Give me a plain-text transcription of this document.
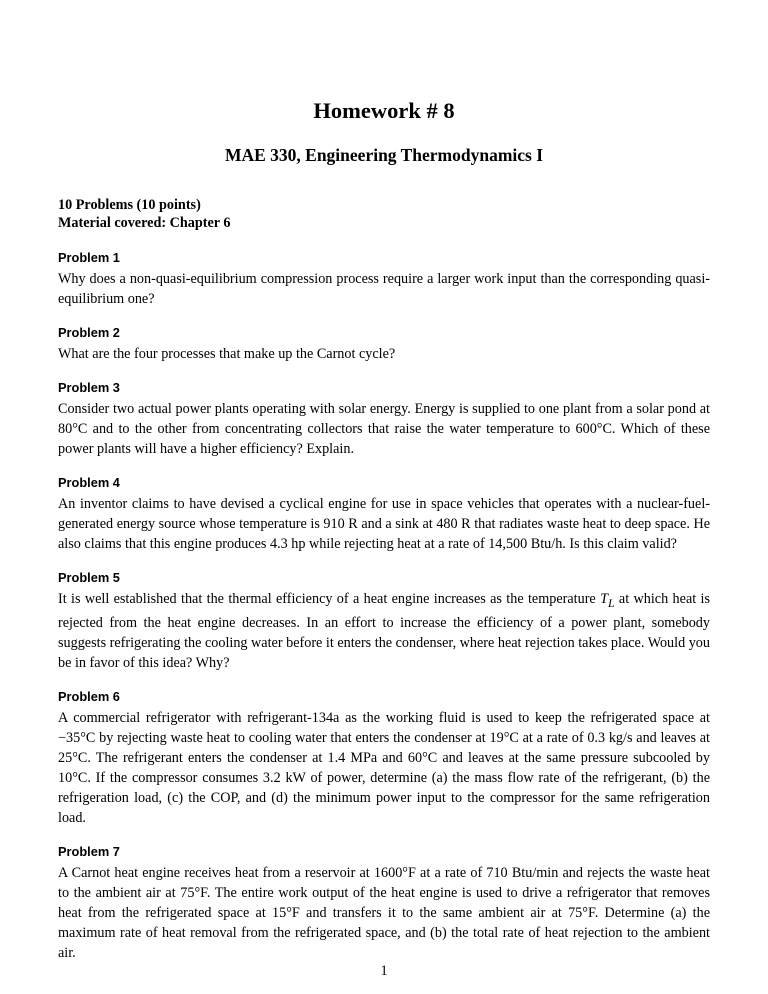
Homework # 8
MAE 330, Engineering Thermodynamics I
10 Problems (10 points)
Material covered: Chapter 6
Problem 1

Why does a non-quasi-equilibrium compression process require a larger work input than the corresponding quasi-equilibrium one?

Problem 2

What are the four processes that make up the Carnot cycle?

Problem 3

Consider two actual power plants operating with solar energy. Energy is supplied to one plant from a solar pond at 80°C and to the other from concentrating collectors that raise the water temperature to 600°C. Which of these power plants will have a higher efficiency? Explain.

Problem 4

An inventor claims to have devised a cyclical engine for use in space vehicles that operates with a nuclear-fuel-generated energy source whose temperature is 910 R and a sink at 480 R that radiates waste heat to deep space. He also claims that this engine produces 4.3 hp while rejecting heat at a rate of 14,500 Btu/h. Is this claim valid?

Problem 5

It is well established that the thermal efficiency of a heat engine increases as the temperature $T_L$ at which heat is rejected from the heat engine decreases. In an effort to increase the efficiency of a power plant, somebody suggests refrigerating the cooling water before it enters the condenser, where heat rejection takes place. Would you be in favor of this idea? Why?

Problem 6

A commercial refrigerator with refrigerant-134a as the working fluid is used to keep the refrigerated space at −35°C by rejecting waste heat to cooling water that enters the condenser at 19°C at a rate of 0.3 kg/s and leaves at 25°C. The refrigerant enters the condenser at 1.4 MPa and 60°C and leaves at the same pressure subcooled by 10°C. If the compressor consumes 3.2 kW of power, determine (a) the mass flow rate of the refrigerant, (b) the refrigeration load, (c) the COP, and (d) the minimum power input to the compressor for the same refrigeration load.

Problem 7

A Carnot heat engine receives heat from a reservoir at 1600°F at a rate of 710 Btu/min and rejects the waste heat to the ambient air at 75°F. The entire work output of the heat engine is used to drive a refrigerator that removes heat from the refrigerated space at 15°F and transfers it to the same ambient air at 75°F. Determine (a) the maximum rate of heat removal from the refrigerated space, and (b) the total rate of heat rejection to the ambient air.

1
